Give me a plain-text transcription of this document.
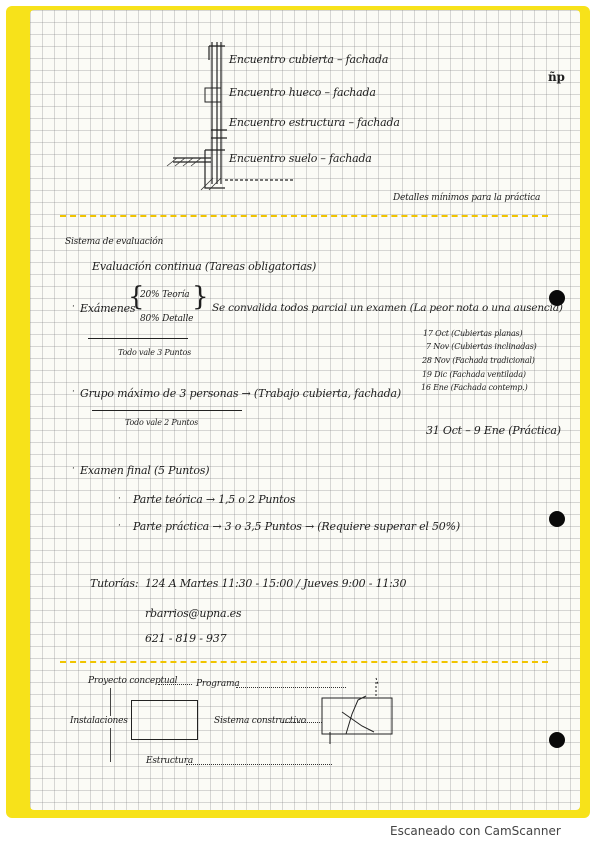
ñp
Encuentro cubierta – fachada
Encuentro hueco – fachada
Encuentro estructura – fachada
Encuentro suelo – fachada
Detalles mínimos para la práctica
Sistema de evaluación
Evaluación continua (Tareas obligatorias)
· Exámenes
{
20% Teoría
80% Detalle
} Se convalida todos parcial un examen (La peor nota o una ausencia)
Todo vale 3 Puntos
17 Oct (Cubiertas planas)
7 Nov (Cubiertas inclinadas)
28 Nov (Fachada tradicional)
19 Dic (Fachada ventilada)
16 Ene (Fachada contemp.)
· Grupo máximo de 3 personas → (Trabajo cubierta, fachada)
Todo vale 2 Puntos
31 Oct – 9 Ene (Práctica)
· Examen final (5 Puntos)
· Parte teórica → 1,5 o 2 Puntos
· Parte práctica → 3 o 3,5 Puntos → (Requiere superar el 50%)
Tutorías: 124 A Martes 11:30 - 15:00 / Jueves 9:00 - 11:30
rbarrios@upna.es
621 - 819 - 937
Proyecto conceptual Programa
Instalaciones	Sistema constructivo
Estructura
Escaneado con CamScanner
